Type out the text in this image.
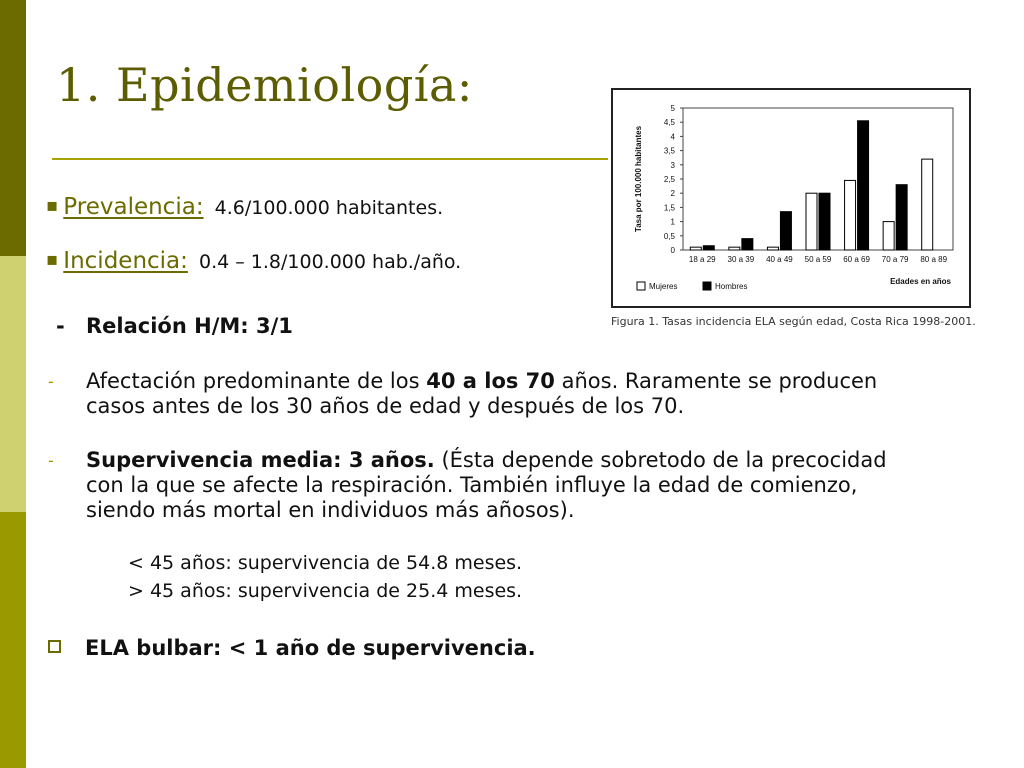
1. Epidemiología:
▪ Prevalencia: 4.6/100.000 habitantes.
▪ Incidencia: 0.4 – 1.8/100.000 hab./año.
- Relación H/M: 3/1
- Afectación predominante de los 40 a los 70 años. Raramente se producen casos antes de los 30 años de edad y después de los 70.
- Supervivencia media: 3 años. (Ésta depende sobretodo de la precocidad con la que se afecte la respiración. También influye la edad de comienzo, siendo más mortal en individuos más añosos).
< 45 años: supervivencia de 54.8 meses.
> 45 años: supervivencia de 25.4 meses.
ELA bulbar: < 1 año de supervivencia.
0
0,5
1
1,5
2
2,5
3
3,5
4
4,5
5
Tasa por 100.000 habitantes
18 a 29 30 a 39 40 a 49 50 a 59 60 a 69 70 a 79 80 a 89
Mujeres	Hombres
Edades en años
Figura 1. Tasas incidencia ELA según edad, Costa Rica 1998-2001.
